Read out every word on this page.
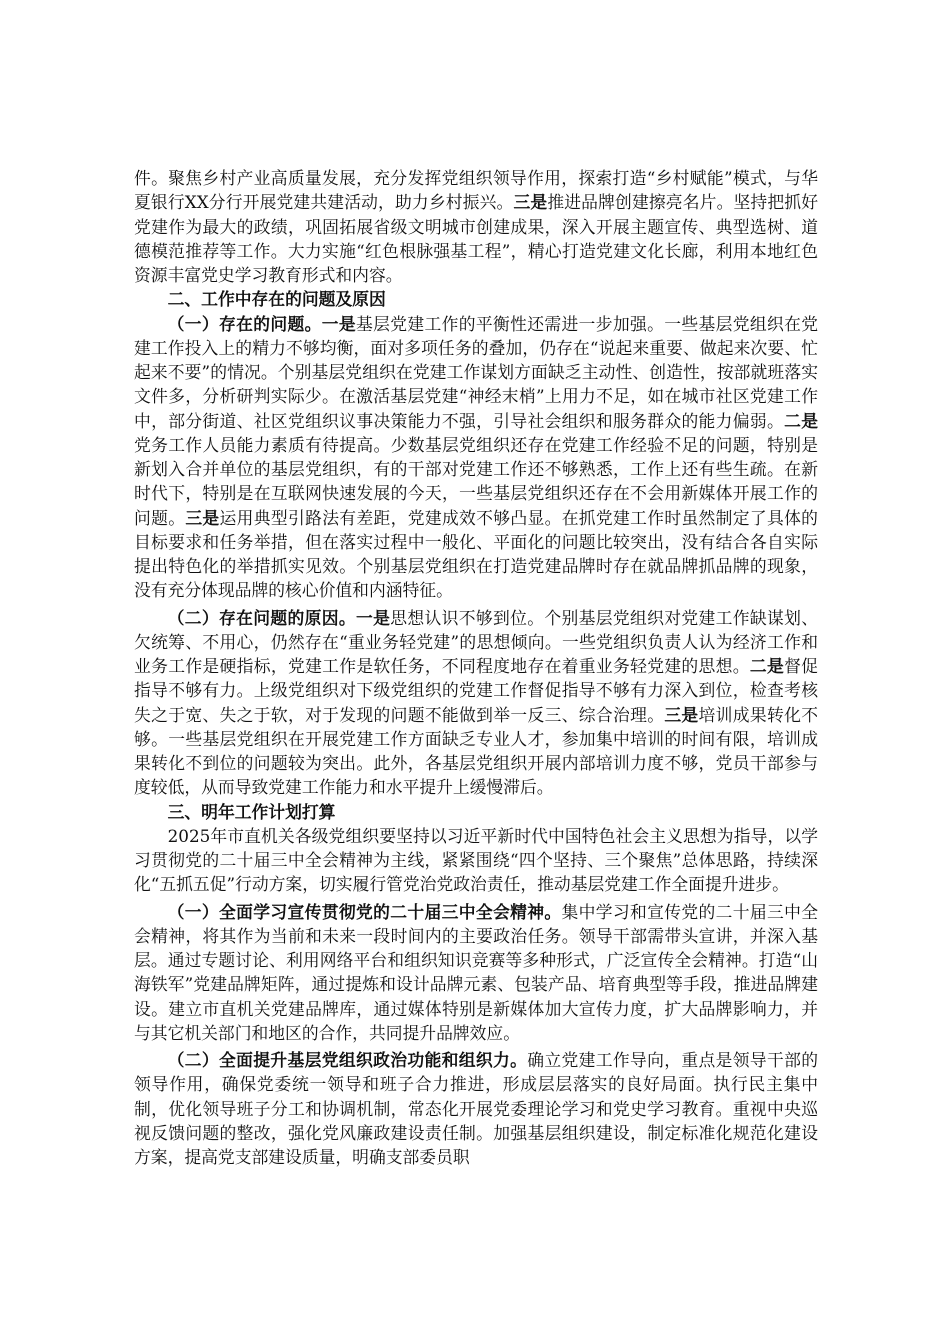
件。聚焦乡村产业高质量发展，充分发挥党组织领导作用，探索打造“乡村赋能”模式，与华夏银行XX分行开展党建共建活动，助力乡村振兴。三是推进品牌创建擦亮名片。坚持把抓好党建作为最大的政绩，巩固拓展省级文明城市创建成果，深入开展主题宣传、典型选树、道德模范推荐等工作。大力实施“红色根脉强基工程”，精心打造党建文化长廊，利用本地红色资源丰富党史学习教育形式和内容。

二、工作中存在的问题及原因

（一）存在的问题。一是基层党建工作的平衡性还需进一步加强。一些基层党组织在党建工作投入上的精力不够均衡，面对多项任务的叠加，仍存在“说起来重要、做起来次要、忙起来不要”的情况。个别基层党组织在党建工作谋划方面缺乏主动性、创造性，按部就班落实文件多，分析研判实际少。在激活基层党建“神经末梢”上用力不足，如在城市社区党建工作中，部分街道、社区党组织议事决策能力不强，引导社会组织和服务群众的能力偏弱。二是党务工作人员能力素质有待提高。少数基层党组织还存在党建工作经验不足的问题，特别是新划入合并单位的基层党组织，有的干部对党建工作还不够熟悉，工作上还有些生疏。在新时代下，特别是在互联网快速发展的今天，一些基层党组织还存在不会用新媒体开展工作的问题。三是运用典型引路法有差距，党建成效不够凸显。在抓党建工作时虽然制定了具体的目标要求和任务举措，但在落实过程中一般化、平面化的问题比较突出，没有结合各自实际提出特色化的举措抓实见效。个别基层党组织在打造党建品牌时存在就品牌抓品牌的现象，没有充分体现品牌的核心价值和内涵特征。

（二）存在问题的原因。一是思想认识不够到位。个别基层党组织对党建工作缺谋划、欠统筹、不用心，仍然存在“重业务轻党建”的思想倾向。一些党组织负责人认为经济工作和业务工作是硬指标，党建工作是软任务，不同程度地存在着重业务轻党建的思想。二是督促指导不够有力。上级党组织对下级党组织的党建工作督促指导不够有力深入到位，检查考核失之于宽、失之于软，对于发现的问题不能做到举一反三、综合治理。三是培训成果转化不够。一些基层党组织在开展党建工作方面缺乏专业人才，参加集中培训的时间有限，培训成果转化不到位的问题较为突出。此外，各基层党组织开展内部培训力度不够，党员干部参与度较低，从而导致党建工作能力和水平提升上缓慢滞后。

三、明年工作计划打算

2025年市直机关各级党组织要坚持以习近平新时代中国特色社会主义思想为指导，以学习贯彻党的二十届三中全会精神为主线，紧紧围绕“四个坚持、三个聚焦”总体思路，持续深化“五抓五促”行动方案，切实履行管党治党政治责任，推动基层党建工作全面提升进步。

（一）全面学习宣传贯彻党的二十届三中全会精神。集中学习和宣传党的二十届三中全会精神，将其作为当前和未来一段时间内的主要政治任务。领导干部需带头宣讲，并深入基层。通过专题讨论、利用网络平台和组织知识竞赛等多种形式，广泛宣传全会精神。打造“山海铁军”党建品牌矩阵，通过提炼和设计品牌元素、包装产品、培育典型等手段，推进品牌建设。建立市直机关党建品牌库，通过媒体特别是新媒体加大宣传力度，扩大品牌影响力，并与其它机关部门和地区的合作，共同提升品牌效应。

（二）全面提升基层党组织政治功能和组织力。确立党建工作导向，重点是领导干部的领导作用，确保党委统一领导和班子合力推进，形成层层落实的良好局面。执行民主集中制，优化领导班子分工和协调机制，常态化开展党委理论学习和党史学习教育。重视中央巡视反馈问题的整改，强化党风廉政建设责任制。加强基层组织建设，制定标准化规范化建设方案，提高党支部建设质量，明确支部委员职
